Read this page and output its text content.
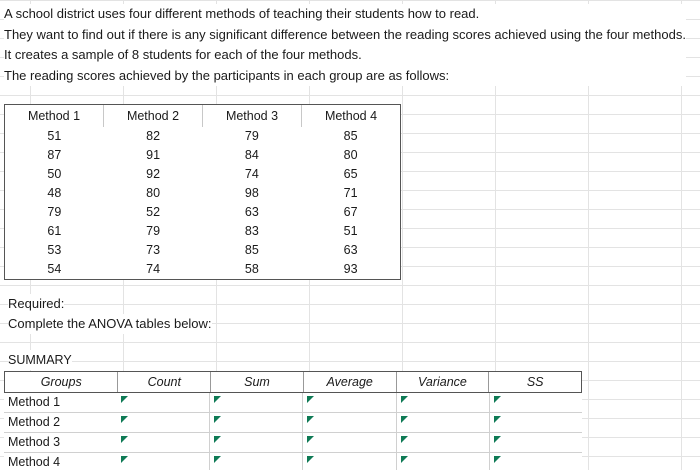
A school district uses four different methods of teaching their students how to read.
They want to find out if there is any significant difference between the reading scores achieved using the four methods.
It creates a sample of 8 students for each of the four methods.
The reading scores achieved by the participants in each group are as follows:
Method 1	Method 2	Method 3	Method 4
51	82	79	85
87	91	84	80
50	92	74	65
48	80	98	71
79	52	63	67
61	79	83	51
53	73	85	63
54	74	58	93
Required:
Complete the ANOVA tables below:
SUMMARY
Groups	Count	Sum	Average	Variance	SS
Method 1
Method 2
Method 3
Method 4
